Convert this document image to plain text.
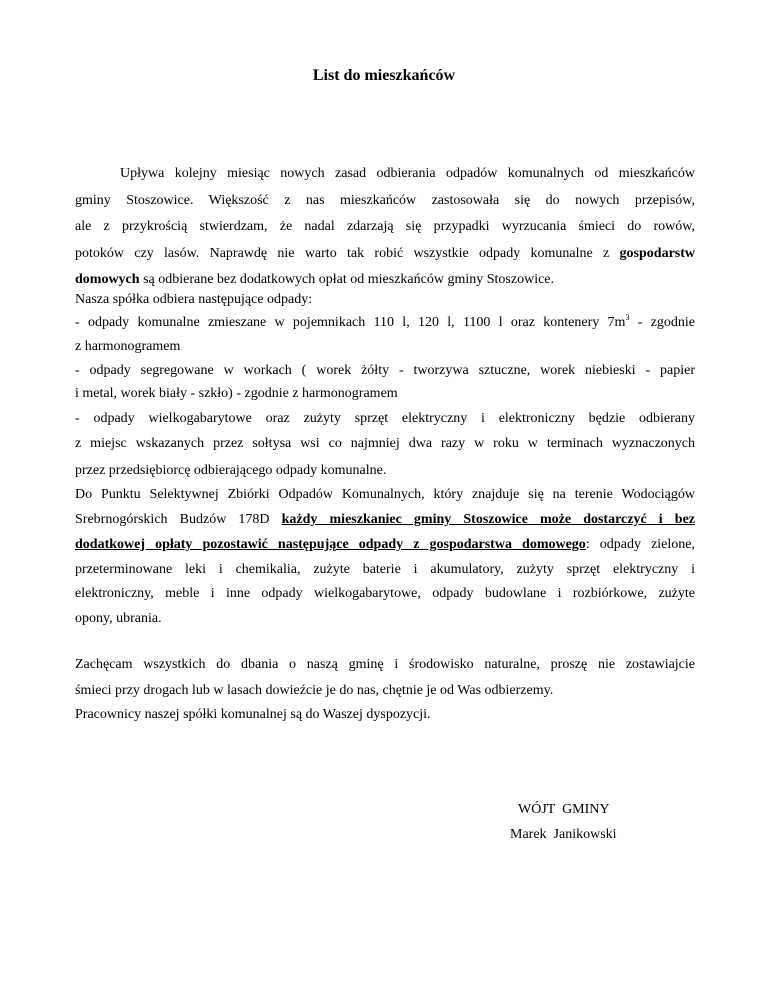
List do mieszkańców
Upływa kolejny miesiąc nowych zasad odbierania odpadów komunalnych od mieszkańców
gminy Stoszowice. Większość z nas mieszkańców zastosowała się do nowych przepisów,
ale z przykrością stwierdzam, że nadal zdarzają się przypadki wyrzucania śmieci do rowów,
potoków czy lasów. Naprawdę nie warto tak robić wszystkie odpady komunalne z gospodarstw
domowych są odbierane bez dodatkowych opłat od mieszkańców gminy Stoszowice.
Nasza spółka odbiera następujące odpady:
- odpady komunalne zmieszane w pojemnikach 110 l, 120 l, 1100 l oraz kontenery $7m^3$ - zgodnie
z harmonogramem
- odpady segregowane w workach ( worek żółty - tworzywa sztuczne, worek niebieski - papier
i metal, worek biały - szkło) - zgodnie z harmonogramem
- odpady wielkogabarytowe oraz zużyty sprzęt elektryczny i elektroniczny będzie odbierany
z miejsc wskazanych przez sołtysa wsi co najmniej dwa razy w roku w terminach wyznaczonych
przez przedsiębiorcę odbierającego odpady komunalne.
Do Punktu Selektywnej Zbiórki Odpadów Komunalnych, który znajduje się na terenie Wodociągów
Srebrnogórskich Budzów 178D każdy mieszkaniec gminy Stoszowice może dostarczyć i bez
dodatkowej opłaty pozostawić następujące odpady z gospodarstwa domowego: odpady zielone,
przeterminowane leki i chemikalia, zużyte baterie i akumulatory, zużyty sprzęt elektryczny i
elektroniczny, meble i inne odpady wielkogabarytowe, odpady budowlane i rozbiórkowe, zużyte
opony, ubrania.
Zachęcam wszystkich do dbania o naszą gminę i środowisko naturalne, proszę nie zostawiajcie
śmieci przy drogach lub w lasach dowieźcie je do nas, chętnie je od Was odbierzemy.
Pracownicy naszej spółki komunalnej są do Waszej dyspozycji.
WÓJT  GMINY
Marek  Janikowski
